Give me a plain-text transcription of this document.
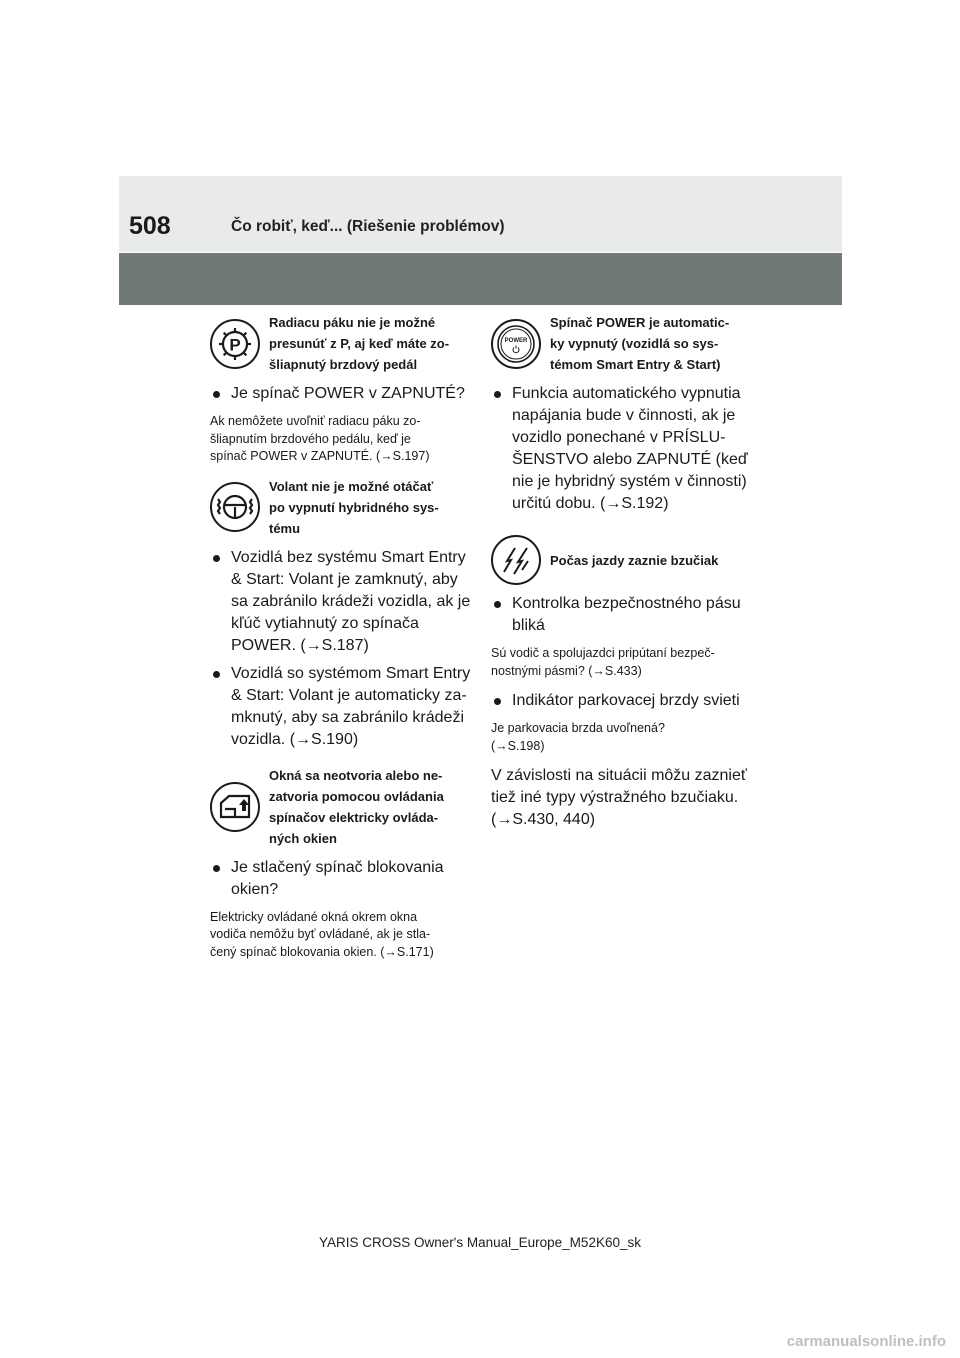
508	Čo robiť, keď... (Riešenie problémov)
P
Radiacu páku nie je možné
presunúť z P, aj keď máte zo-
šliapnutý brzdový pedál
Je spínač POWER v ZAPNUTÉ?
Ak nemôžete uvoľniť radiacu páku zo-
šliapnutím brzdového pedálu, keď je
spínač POWER v ZAPNUTÉ. (→S.197)
Volant nie je možné otáčať
po vypnutí hybridného sys-
tému
Vozidlá bez systému Smart Entry
& Start: Volant je zamknutý, aby
sa zabránilo krádeži vozidla, ak je
kľúč vytiahnutý zo spínača
POWER. (→S.187)
Vozidlá so systémom Smart Entry
& Start: Volant je automaticky za-
mknutý, aby sa zabránilo krádeži
vozidla. (→S.190)
Okná sa neotvoria alebo ne-
zatvoria pomocou ovládania
spínačov elektricky ovláda-
ných okien
Je stlačený spínač blokovania
okien?
Elektricky ovládané okná okrem okna
vodiča nemôžu byť ovládané, ak je stla-
čený spínač blokovania okien. (→S.171)
POWER
Spínač POWER je automatic-
ky vypnutý (vozidlá so sys-
témom Smart Entry & Start)
Funkcia automatického vypnutia
napájania bude v činnosti, ak je
vozidlo ponechané v PRÍSLU-
ŠENSTVO alebo ZAPNUTÉ (keď
nie je hybridný systém v činnosti)
určitú dobu. (→S.192)
Počas jazdy zaznie bzučiak
Kontrolka bezpečnostného pásu
bliká
Sú vodič a spolujazdci pripútaní bezpeč-
nostnými pásmi? (→S.433)
Indikátor parkovacej brzdy svieti
Je parkovacia brzda uvoľnená?
(→S.198)
V závislosti na situácii môžu zaznieť
tiež iné typy výstražného bzučiaku.
(→S.430, 440)
YARIS CROSS Owner's Manual_Europe_M52K60_sk
carmanualsonline.info
